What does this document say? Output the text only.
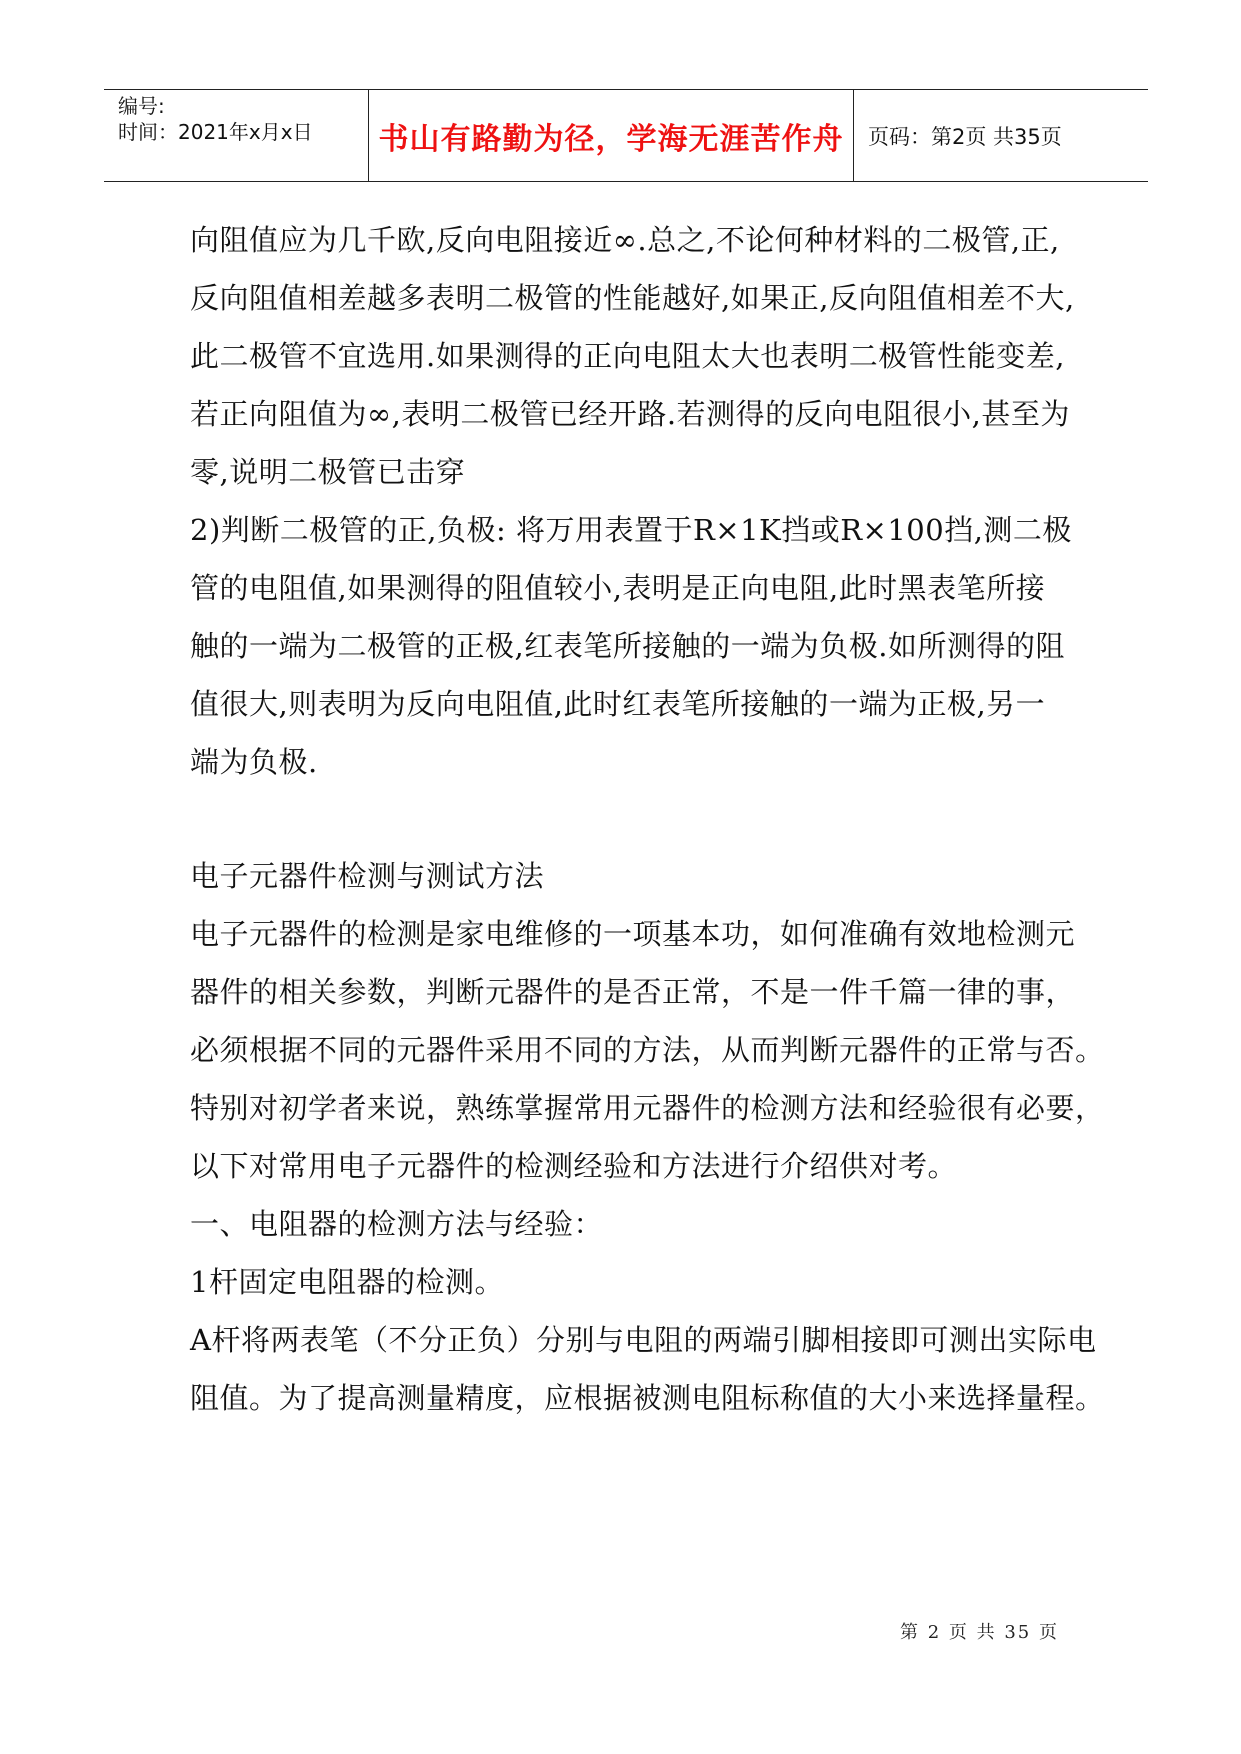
编号:
时间：2021年x月x日 书山有路勤为径，学海无涯苦作舟 页码：第2页 共35页
向阻值应为几千欧,反向电阻接近∞.总之,不论何种材料的二极管,正,
反向阻值相差越多表明二极管的性能越好,如果正,反向阻值相差不大,
此二极管不宜选用.如果测得的正向电阻太大也表明二极管性能变差,
若正向阻值为∞,表明二极管已经开路.若测得的反向电阻很小,甚至为
零,说明二极管已击穿
2)判断二极管的正,负极: 将万用表置于R×1K挡或R×100挡,测二极
管的电阻值,如果测得的阻值较小,表明是正向电阻,此时黑表笔所接
触的一端为二极管的正极,红表笔所接触的一端为负极.如所测得的阻
值很大,则表明为反向电阻值,此时红表笔所接触的一端为正极,另一
端为负极.
电子元器件检测与测试方法
电子元器件的检测是家电维修的一项基本功，如何准确有效地检测元
器件的相关参数，判断元器件的是否正常，不是一件千篇一律的事，
必须根据不同的元器件采用不同的方法，从而判断元器件的正常与否。
特别对初学者来说，熟练掌握常用元器件的检测方法和经验很有必要，
以下对常用电子元器件的检测经验和方法进行介绍供对考。
一、电阻器的检测方法与经验：
1杆固定电阻器的检测。
A杆将两表笔（不分正负）分别与电阻的两端引脚相接即可测出实际电
阻值。为了提高测量精度，应根据被测电阻标称值的大小来选择量程。
第 2 页 共 35 页
